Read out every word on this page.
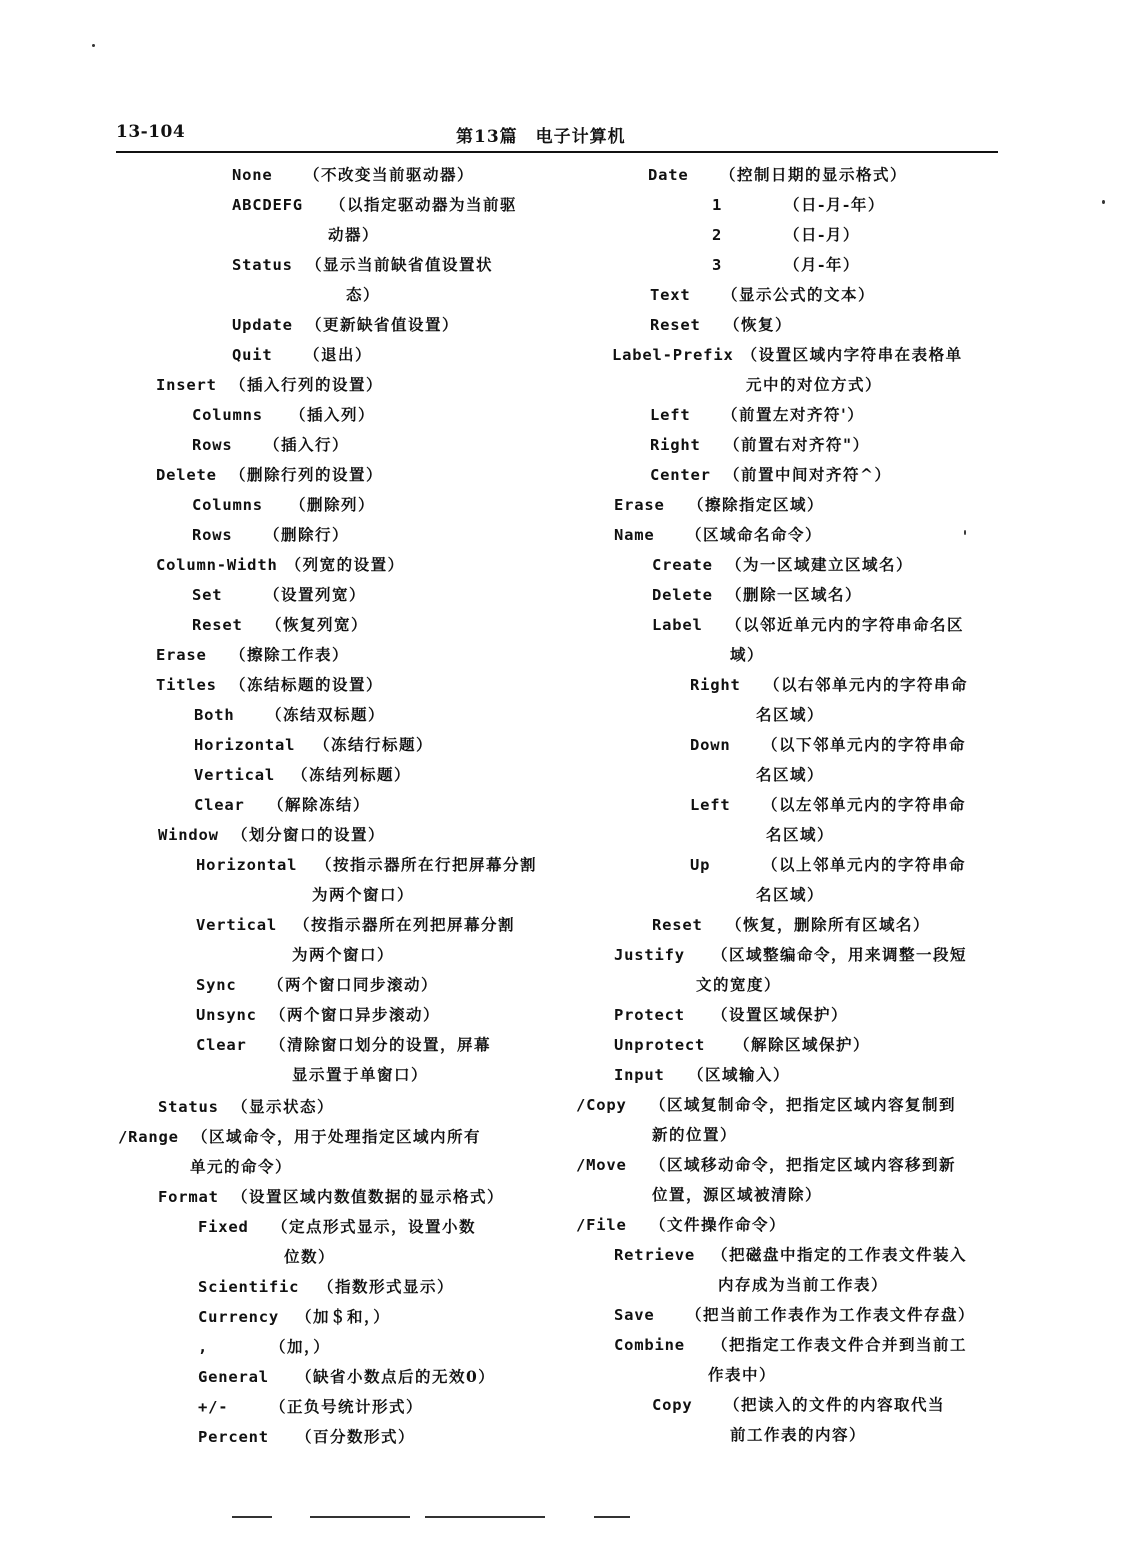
13-104	第13篇　电子计算机
None （不改变当前驱动器）
ABCDEFG （以指定驱动器为当前驱
动器）
Status （显示当前缺省值设置状
态）
Update （更新缺省值设置）
Quit （退出）
Insert （插入行列的设置）
Columns （插入列）
Rows （插入行）
Delete （删除行列的设置）
Columns （删除列）
Rows （删除行）
Column-Width （列宽的设置）
Set	（设置列宽）
Reset （恢复列宽）
Erase （擦除工作表）
Titles （冻结标题的设置）
Both （冻结双标题）
Horizontal （冻结行标题）
Vertical （冻结列标题）
Clear （解除冻结）
Window （划分窗口的设置）
Horizontal （按指示器所在行把屏幕分割
为两个窗口）
Vertical （按指示器所在列把屏幕分割
为两个窗口）
Sync （两个窗口同步滚动）
Unsync （两个窗口异步滚动）
Clear （清除窗口划分的设置，屏幕
显示置于单窗口）
Status （显示状态）
/Range （区域命令，用于处理指定区域内所有
单元的命令）
Format （设置区域内数值数据的显示格式）
Fixed （定点形式显示，设置小数
位数）
Scientific （指数形式显示）
Currency （加＄和，）
,	（加，）
General （缺省小数点后的无效0）
+/-	（正负号统计形式）
Percent （百分数形式）
Date （控制日期的显示格式）
1	（日-月-年）
2	（日-月）
3	（月-年）
Text （显示公式的文本）
Reset （恢复）
Label-Prefix （设置区域内字符串在表格单
元中的对位方式）
Left （前置左对齐符'）
Right （前置右对齐符"）
Center （前置中间对齐符^）
Erase （擦除指定区域）
Name （区域命名命令）
Create （为一区域建立区域名）
Delete （删除一区域名）
Label （以邻近单元内的字符串命名区
域）
Right （以右邻单元内的字符串命
名区域）
Down （以下邻单元内的字符串命
名区域）
Left （以左邻单元内的字符串命
名区域）
Up	（以上邻单元内的字符串命
名区域）
Reset （恢复，删除所有区域名）
Justify （区域整编命令，用来调整一段短
文的宽度）
Protect （设置区域保护）
Unprotect （解除区域保护）
Input （区域输入）
/Copy （区域复制命令，把指定区域内容复制到
新的位置）
/Move （区域移动命令，把指定区域内容移到新
位置，源区域被清除）
/File （文件操作命令）
Retrieve （把磁盘中指定的工作表文件装入
内存成为当前工作表）
Save （把当前工作表作为工作表文件存盘）
Combine （把指定工作表文件合并到当前工
作表中）
Copy （把读入的文件的内容取代当
前工作表的内容）
